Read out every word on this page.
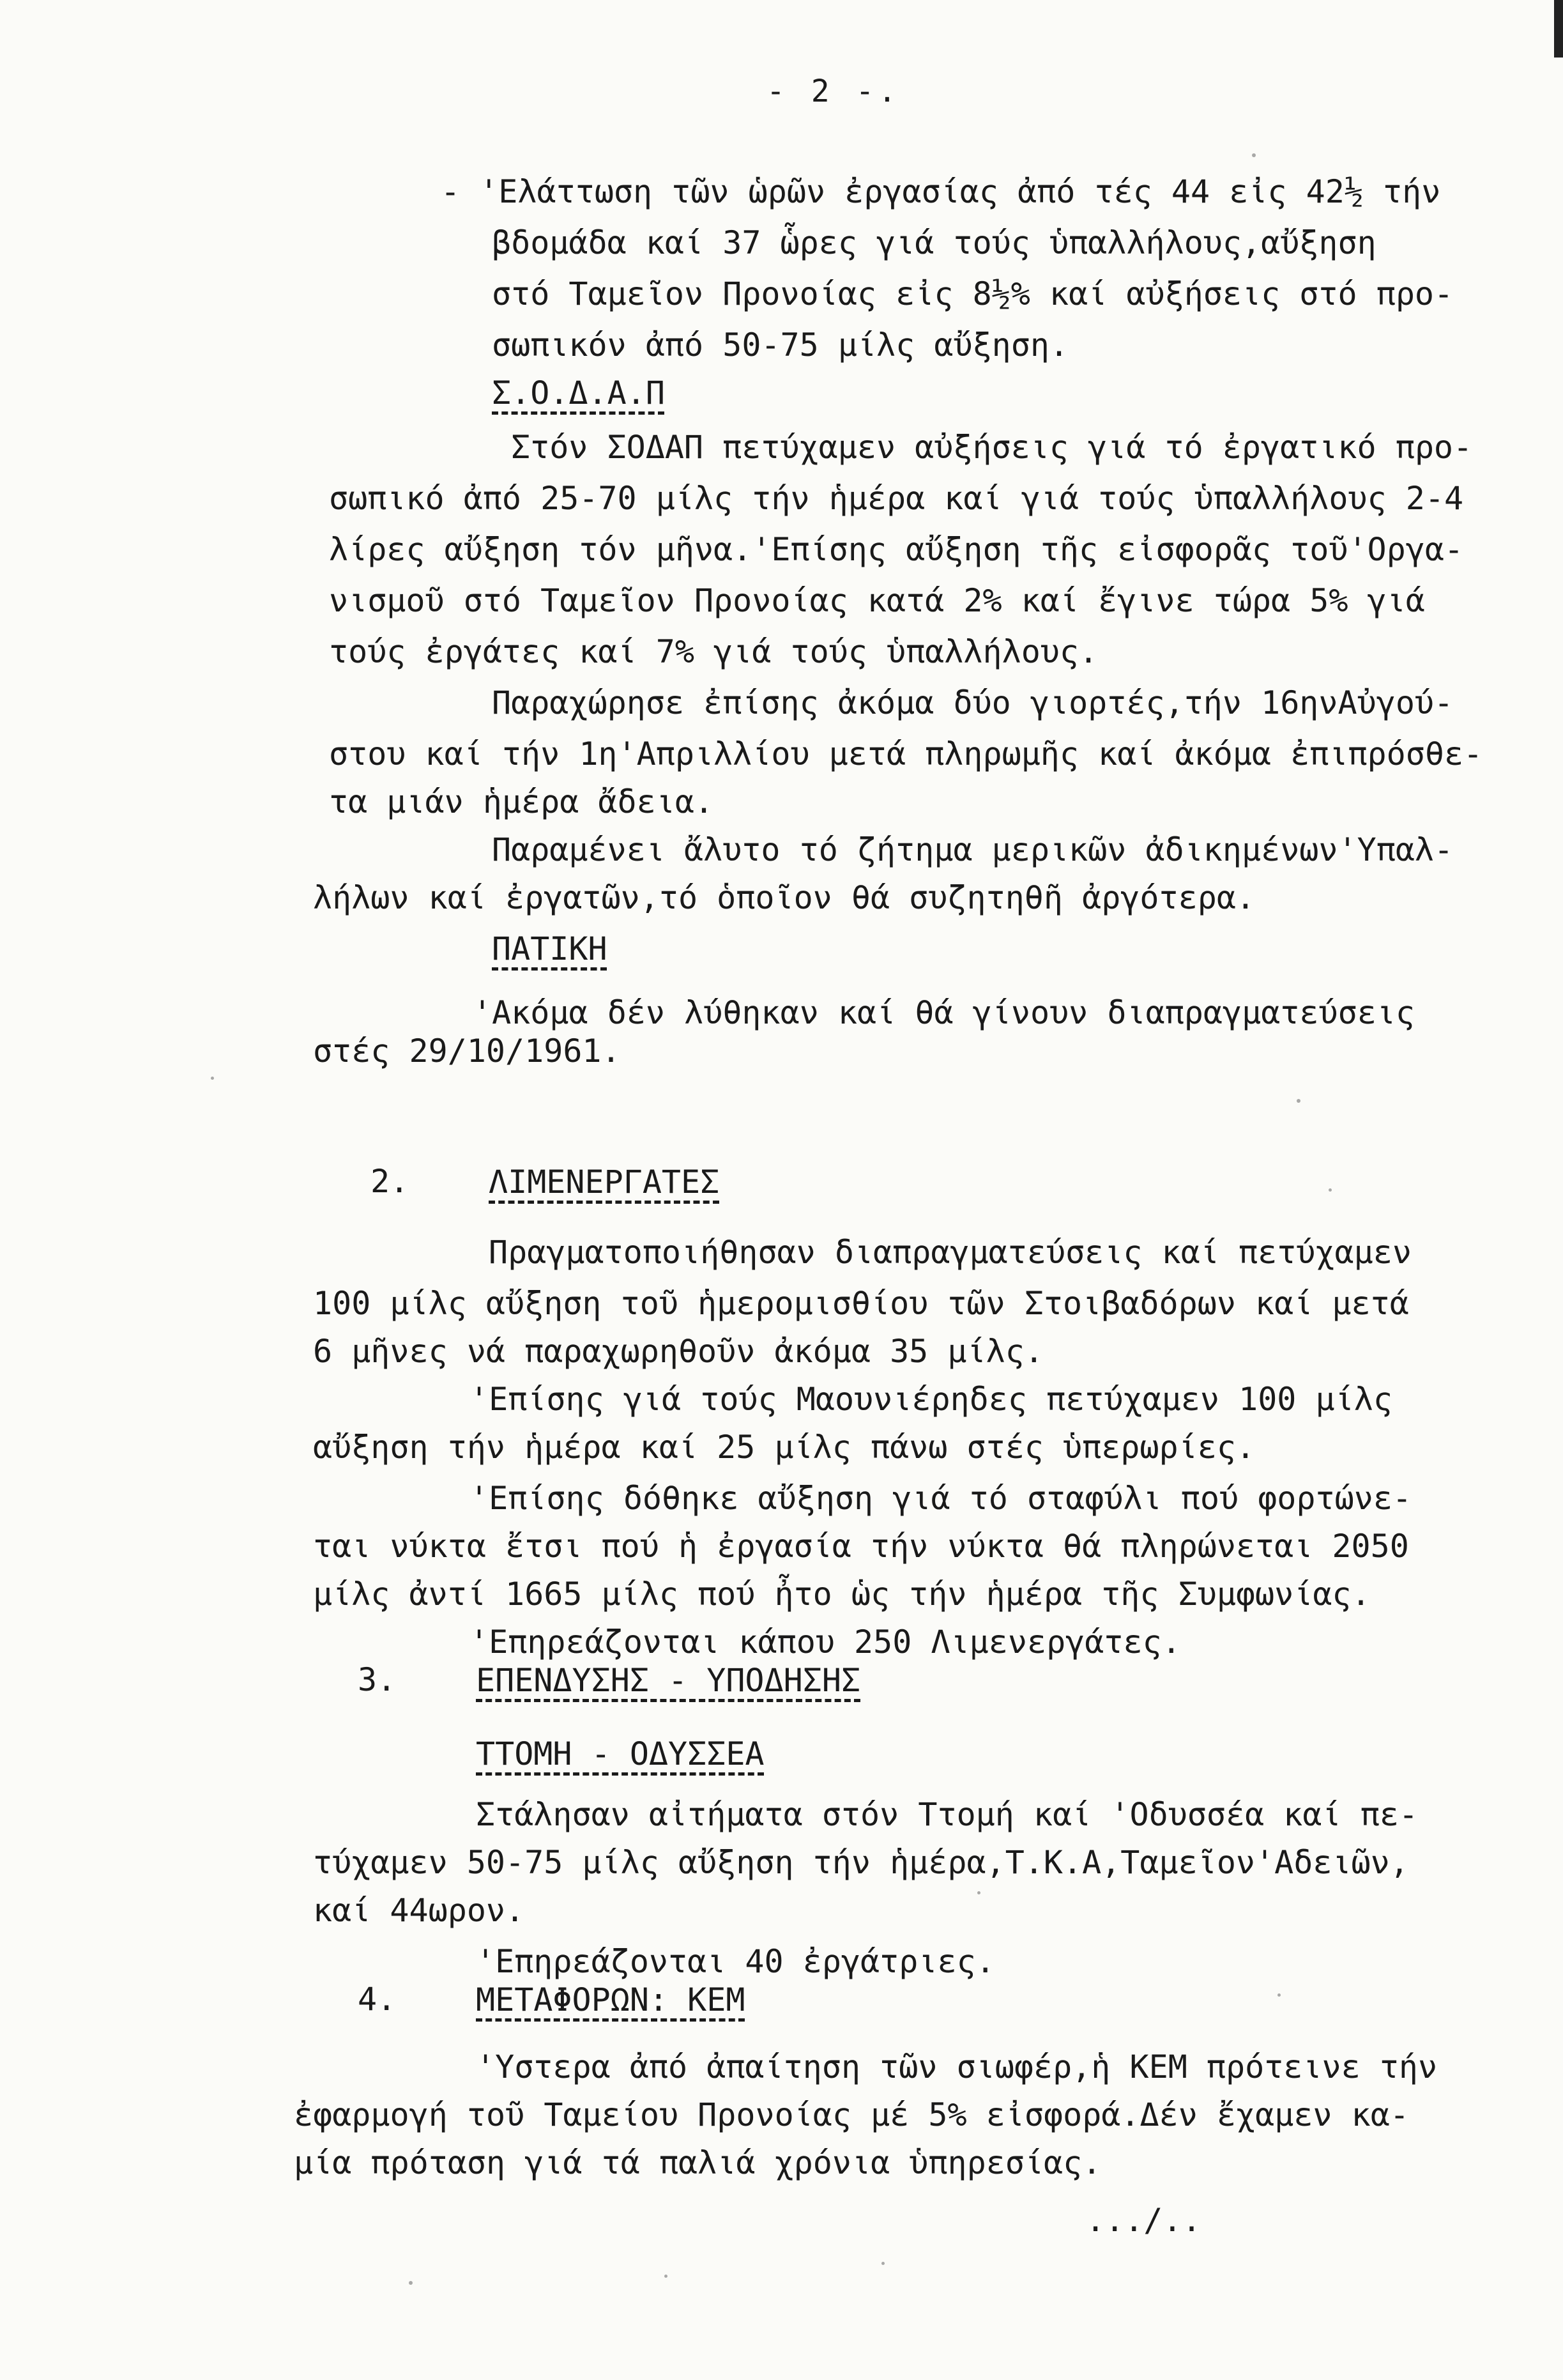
- 2 -.
- 'Ελάττωση τῶν ὡρῶν ἐργασίας ἀπό τές 44 εἰς 42½ τήν
βδομάδα καί 37 ὧρες γιά τούς ὑπαλλήλους,αὔξηση
στό Ταμεῖον Προνοίας εἰς 8½% καί αὐξήσεις στό προ-
σωπικόν ἀπό 50-75 μίλς αὔξηση.
Σ.Ο.Δ.Α.Π
Στόν ΣΟΔΑΠ πετύχαμεν αὐξήσεις γιά τό ἐργατικό προ-
σωπικό ἀπό 25-70 μίλς τήν ἡμέρα καί γιά τούς ὑπαλλήλους 2-4
λίρες αὔξηση τόν μῆνα.'Επίσης αὔξηση τῆς εἰσφορᾶς τοῦ'Οργα-
νισμοῦ στό Ταμεῖον Προνοίας κατά 2% καί ἔγινε τώρα 5% γιά
τούς ἐργάτες καί 7% γιά τούς ὑπαλλήλους.
Παραχώρησε ἐπίσης ἀκόμα δύο γιορτές,τήν 16ηνΑὐγού-
στου καί τήν 1η'Απριλλίου μετά πληρωμῆς καί ἀκόμα ἐπιπρόσθε-
τα μιάν ἡμέρα ἄδεια.
Παραμένει ἄλυτο τό ζήτημα μερικῶν ἀδικημένων'Υπαλ-
λήλων καί ἐργατῶν,τό ὁποῖον θά συζητηθῆ ἀργότερα.
ΠΑΤΙΚΗ
'Ακόμα δέν λύθηκαν καί θά γίνουν διαπραγματεύσεις
στές 29/10/1961.
2. ΛΙΜΕΝΕΡΓΑΤΕΣ
Πραγματοποιήθησαν διαπραγματεύσεις καί πετύχαμεν
100 μίλς αὔξηση τοῦ ἡμερομισθίου τῶν Στοιβαδόρων καί μετά
6 μῆνες νά παραχωρηθοῦν ἀκόμα 35 μίλς.
'Επίσης γιά τούς Μαουνιέρηδες πετύχαμεν 100 μίλς
αὔξηση τήν ἡμέρα καί 25 μίλς πάνω στές ὑπερωρίες.
'Επίσης δόθηκε αὔξηση γιά τό σταφύλι πού φορτώνε-
ται νύκτα ἔτσι πού ἡ ἐργασία τήν νύκτα θά πληρώνεται 2050
μίλς ἀντί 1665 μίλς πού ἦτο ὡς τήν ἡμέρα τῆς Συμφωνίας.
'Επηρεάζονται κάπου 250 Λιμενεργάτες.
3. ΕΠΕΝΔΥΣΗΣ - ΥΠΟΔΗΣΗΣ
ΤΤΟΜΗ - ΟΔΥΣΣΕΑ
Στάλησαν αἰτήματα στόν Ττομή καί 'Οδυσσέα καί πε-
τύχαμεν 50-75 μίλς αὔξηση τήν ἡμέρα,Τ.Κ.Α,Ταμεῖον'Αδειῶν,
καί 44ωρον.
'Επηρεάζονται 40 ἐργάτριες.
4. ΜΕΤΑΦΟΡΩΝ: ΚΕΜ
'Υστερα ἀπό ἀπαίτηση τῶν σιωφέρ,ἡ ΚΕΜ πρότεινε τήν
ἐφαρμογή τοῦ Ταμείου Προνοίας μέ 5% εἰσφορά.Δέν ἔχαμεν κα-
μία πρόταση γιά τά παλιά χρόνια ὑπηρεσίας.
.../..
